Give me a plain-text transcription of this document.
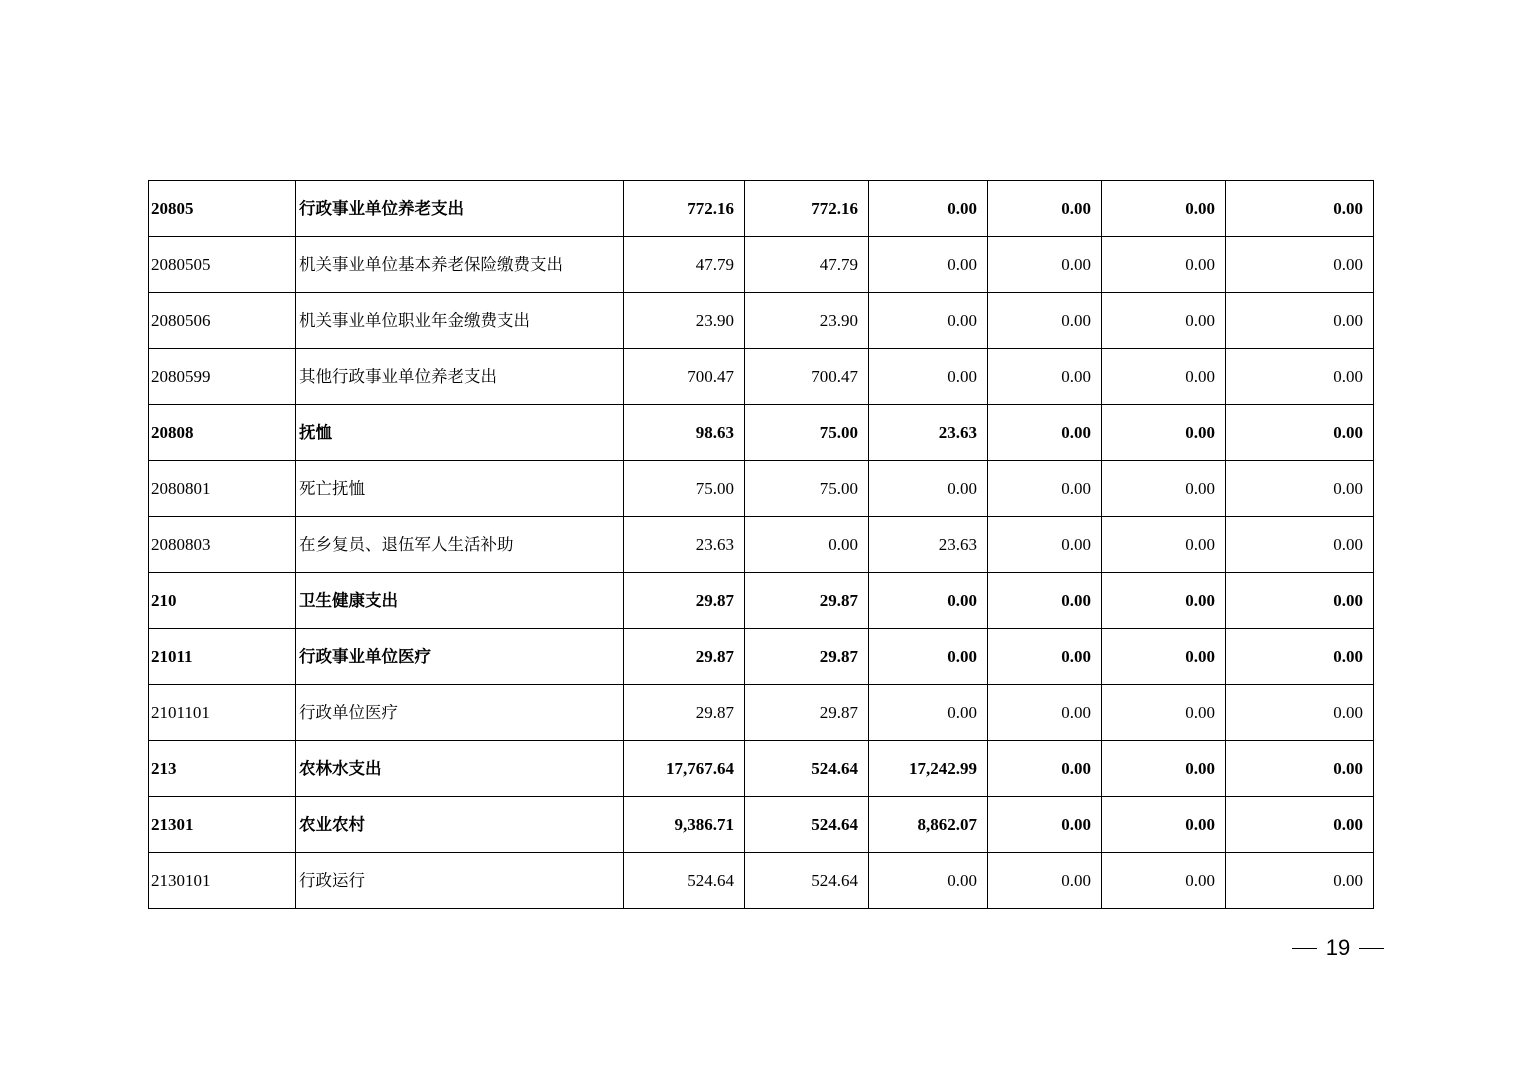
20805	行政事业单位养老支出	772.16	772.16	0.00	0.00	0.00	0.00
2080505	机关事业单位基本养老保险缴费支出	47.79	47.79	0.00	0.00	0.00	0.00
2080506	机关事业单位职业年金缴费支出	23.90	23.90	0.00	0.00	0.00	0.00
2080599	其他行政事业单位养老支出	700.47	700.47	0.00	0.00	0.00	0.00
20808	抚恤	98.63	75.00	23.63	0.00	0.00	0.00
2080801	死亡抚恤	75.00	75.00	0.00	0.00	0.00	0.00
2080803	在乡复员、退伍军人生活补助	23.63	0.00	23.63	0.00	0.00	0.00
210	卫生健康支出	29.87	29.87	0.00	0.00	0.00	0.00
21011	行政事业单位医疗	29.87	29.87	0.00	0.00	0.00	0.00
2101101	行政单位医疗	29.87	29.87	0.00	0.00	0.00	0.00
213	农林水支出	17,767.64	524.64	17,242.99	0.00	0.00	0.00
21301	农业农村	9,386.71	524.64	8,862.07	0.00	0.00	0.00
2130101	行政运行	524.64	524.64	0.00	0.00	0.00	0.00
19
